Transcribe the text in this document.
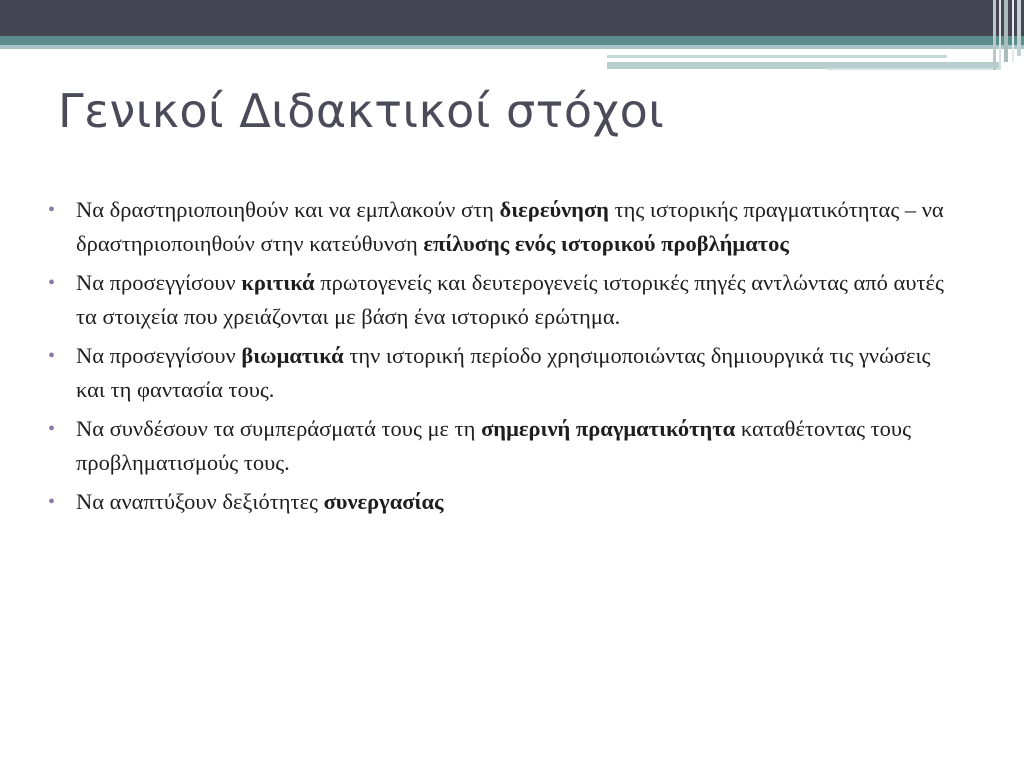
Γενικοί Διδακτικοί στόχοι
• Να δραστηριοποιηθούν και να εμπλακούν στη διερεύνηση της ιστορικής πραγματικότητας – να δραστηριοποιηθούν στην κατεύθυνση επίλυσης ενός ιστορικού προβλήματος
• Να προσεγγίσουν κριτικά πρωτογενείς και δευτερογενείς ιστορικές πηγές αντλώντας από αυτές τα στοιχεία που χρειάζονται με βάση ένα ιστορικό ερώτημα.
• Να προσεγγίσουν βιωματικά την ιστορική περίοδο χρησιμοποιώντας δημιουργικά τις γνώσεις και τη φαντασία τους.
• Να συνδέσουν τα συμπεράσματά τους με τη σημερινή πραγματικότητα καταθέτοντας τους προβληματισμούς τους.
• Να αναπτύξουν δεξιότητες συνεργασίας
